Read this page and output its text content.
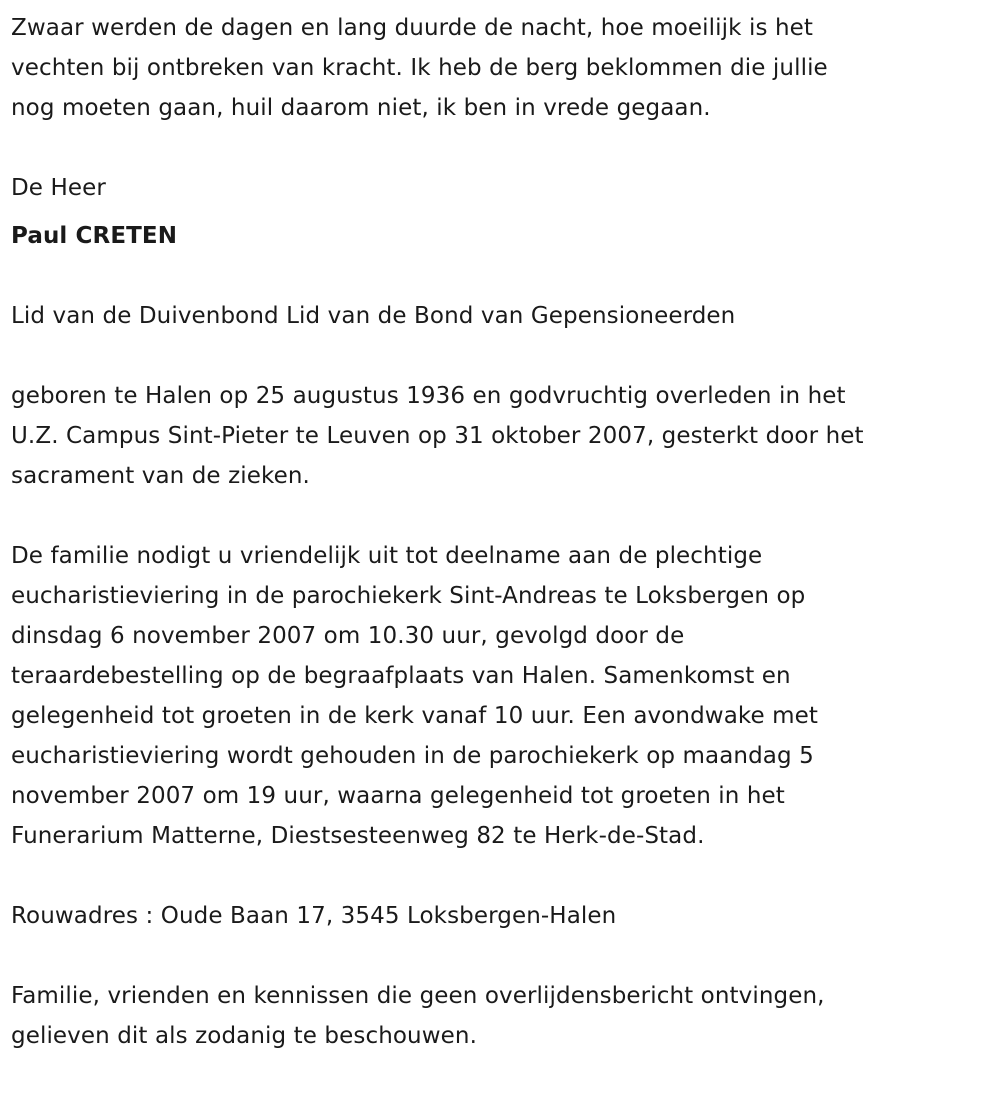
Zwaar werden de dagen en lang duurde de nacht, hoe moeilijk is het
vechten bij ontbreken van kracht. Ik heb de berg beklommen die jullie
nog moeten gaan, huil daarom niet, ik ben in vrede gegaan.
De Heer
Paul CRETEN
Lid van de Duivenbond Lid van de Bond van Gepensioneerden
geboren te Halen op 25 augustus 1936 en godvruchtig overleden in het
U.Z. Campus Sint-Pieter te Leuven op 31 oktober 2007, gesterkt door het
sacrament van de zieken.
De familie nodigt u vriendelijk uit tot deelname aan de plechtige
eucharistieviering in de parochiekerk Sint-Andreas te Loksbergen op
dinsdag 6 november 2007 om 10.30 uur, gevolgd door de
teraardebestelling op de begraafplaats van Halen. Samenkomst en
gelegenheid tot groeten in de kerk vanaf 10 uur. Een avondwake met
eucharistieviering wordt gehouden in de parochiekerk op maandag 5
november 2007 om 19 uur, waarna gelegenheid tot groeten in het
Funerarium Matterne, Diestsesteenweg 82 te Herk-de-Stad.
Rouwadres : Oude Baan 17, 3545 Loksbergen-Halen
Familie, vrienden en kennissen die geen overlijdensbericht ontvingen,
gelieven dit als zodanig te beschouwen.
